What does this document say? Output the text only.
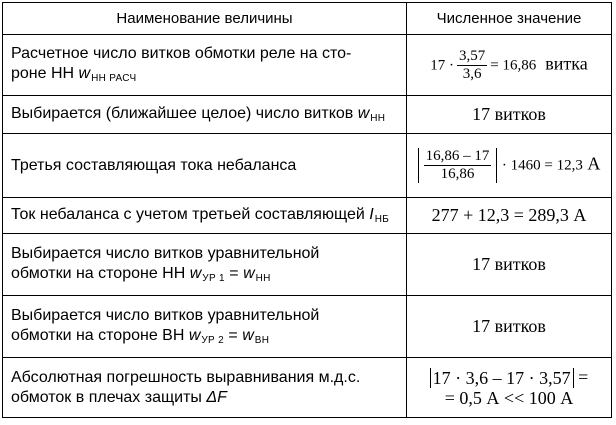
Наименование величины	Численное значение
Расчетное число витков обмотки реле на сто-
роне НН wНН РАСЧ	$17 \cdot \frac{3,57}{3,6} = 16,86$ витка
Выбирается (ближайшее целое) число витков wНН	17 витков
Третья составляющая тока небаланса	$\frac{16,86 - 17}{16,86} \cdot 1460 = 12,3$ А
Ток небаланса с учетом третьей составляющей IНБ	277 + 12,3 = 289,3 А
Выбирается число витков уравнительной
обмотки на стороне НН wУР 1 = wНН	17 витков
Выбирается число витков уравнительной
обмотки на стороне ВН wУР 2 = wВН	17 витков
Абсолютная погрешность выравнивания м.д.с.
обмоток в плечах защиты ΔF	17 · 3,6 – 17 · 3,57 =
= 0,5 А << 100 А
